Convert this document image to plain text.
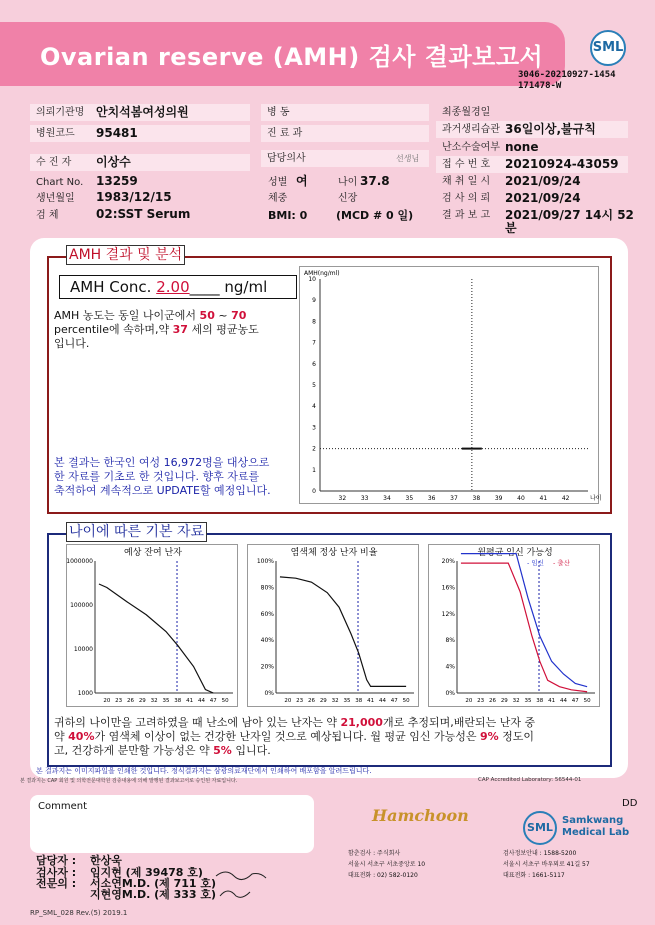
Ovarian reserve (AMH) 검사 결과보고서	SML
3046-20210927-1454
171478-W
의뢰기관명 안치석봄여성의원
병원코드	95481
수 진 자	이상수
Chart No. 13259
생년월일 1983/12/15
검 체	02:SST Serum
병 동
진 료 과
담당의사	선생님
성별 여	나이 37.8
체중	신장
BMI: 0	(MCD # 0 일)
최종월경일
과거생리습관 36일이상,불규칙
난소수술여부 none
접 수 번 호	20210924-43059
채 취 일 시 2021/09/24
검 사 의 뢰 2021/09/24
결 과 보 고 2021/09/27 14시 52
분
AMH 결과 및 분석
AMH Conc. 2.00____ ng/ml
AMH 농도는 동일 나이군에서 50 ~ 70
percentile에 속하며,약 37 세의 평균농도
입니다.
본 결과는 한국인 여성 16,972명을 대상으로
한 자료를 기초로 한 것입니다. 향후 자료를
축적하여 계속적으로 UPDATE할 예정입니다.
AMH(ng/ml)
0
1
2
3
4
5
6
7
8
9
10
32 33 34 35 36 37 38 39 40 41 42	나이
나이에 따른 기본 자료
예상 잔여 난자
1000
10000
100000
1000000
20 23 26 29 32 35 38 41 44 47 50
염색체 정상 난자 비율
0%
20%
40%
60%
80%
100%
20 23 26 29 32 35 38 41 44 47 50
월평균 임신 가능성
0%
4%
8%
12%
16%
20%
20 23 26 29 32 35 38 41 44 47 50
- 임신 - 출산
귀하의 나이만을 고려하였을 때 난소에 남아 있는 난자는 약 21,000개로 추정되며,배란되는 난자 중
약 40%가 염색체 이상이 없는 건강한 난자일 것으로 예상됩니다. 월 평균 임신 가능성은 9% 정도이
고, 건강하게 분만할 가능성은 약 5% 입니다.
본 결과지는 이미지파일을 인쇄한 것입니다. 정식결과지는 삼광의료재단에서 인쇄하여 배포함을 알려드립니다.
본 결과지는 CAP 회원 및 의학전문대학원 검증내용에 의해 발행된 결과보고서로 승인된 자료입니다.	CAP Accredited Laboratory: 56544-01
Comment	DD
담당자 : 한상욱
검사자 : 임지현 (제 39478 호)
전문의 : 서소연M.D. (제 711 호)
지현영M.D. (제 333 호)
Hamchoon
함춘검사 : 주식회사
서울시 서초구 서초중앙로 10
대표전화 : 02) 582-0120
SML
Samkwang
Medical Lab
검사정보안내 : 1588-5200
서울시 서초구 바우뫼로 41길 57
대표전화 : 1661-5117
RP_SML_028 Rev.(5) 2019.1
